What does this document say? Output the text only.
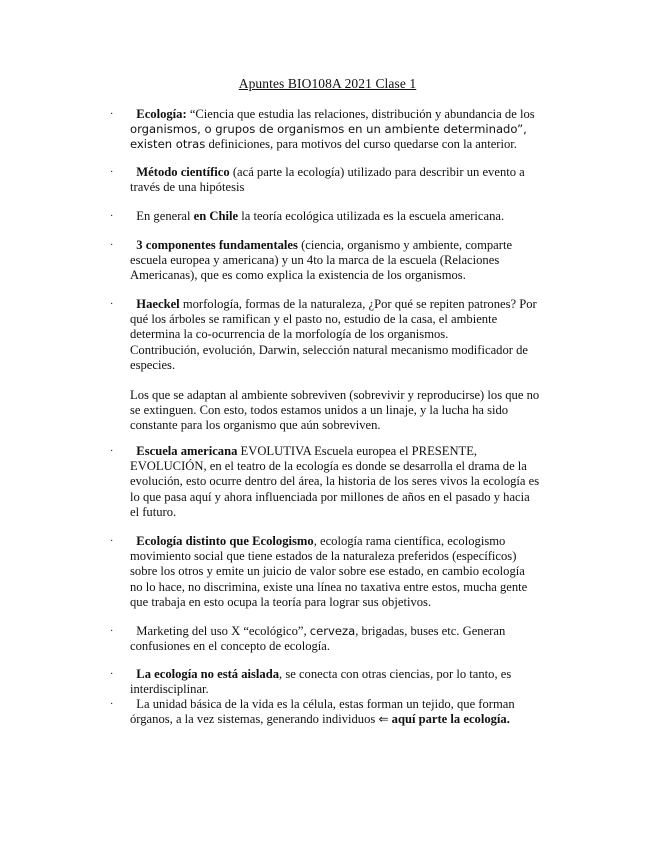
Apuntes BIO108A 2021 Clase 1
·	Ecología: “Ciencia que estudia las relaciones, distribución y abundancia de los organismos, o grupos de organismos en un ambiente determinado”, existen otras definiciones, para motivos del curso quedarse con la anterior.

·	Método científico (acá parte la ecología) utilizado para describir un evento a través de una hipótesis

·	En general en Chile la teoría ecológica utilizada es la escuela americana.

·	3 componentes fundamentales (ciencia, organismo y ambiente, comparte escuela europea y americana) y un 4to la marca de la escuela (Relaciones Americanas), que es como explica la existencia de los organismos.

·	Haeckel morfología, formas de la naturaleza, ¿Por qué se repiten patrones? Por qué los árboles se ramifican y el pasto no, estudio de la casa, el ambiente determina la co-ocurrencia de la morfología de los organismos.

Contribución, evolución, Darwin, selección natural mecanismo modificador de especies.

Los que se adaptan al ambiente sobreviven (sobrevivir y reproducirse) los que no se extinguen. Con esto, todos estamos unidos a un linaje, y la lucha ha sido constante para los organismo que aún sobreviven.

·	Escuela americana EVOLUTIVA Escuela europea el PRESENTE, EVOLUCIÓN, en el teatro de la ecología es donde se desarrolla el drama de la evolución, esto ocurre dentro del área, la historia de los seres vivos la ecología es lo que pasa aquí y ahora influenciada por millones de años en el pasado y hacia el futuro.

·	Ecología distinto que Ecologismo, ecología rama científica, ecologismo movimiento social que tiene estados de la naturaleza preferidos (específicos) sobre los otros y emite un juicio de valor sobre ese estado, en cambio ecología no lo hace, no discrimina, existe una línea no taxativa entre estos, mucha gente que trabaja en esto ocupa la teoría para lograr sus objetivos.

·	Marketing del uso X “ecológico”, cerveza, brigadas, buses etc. Generan confusiones en el concepto de ecología.

·	La ecología no está aislada, se conecta con otras ciencias, por lo tanto, es interdisciplinar.

·	La unidad básica de la vida es la célula, estas forman un tejido, que forman órganos, a la vez sistemas, generando individuos ⇐ aquí parte la ecología.
